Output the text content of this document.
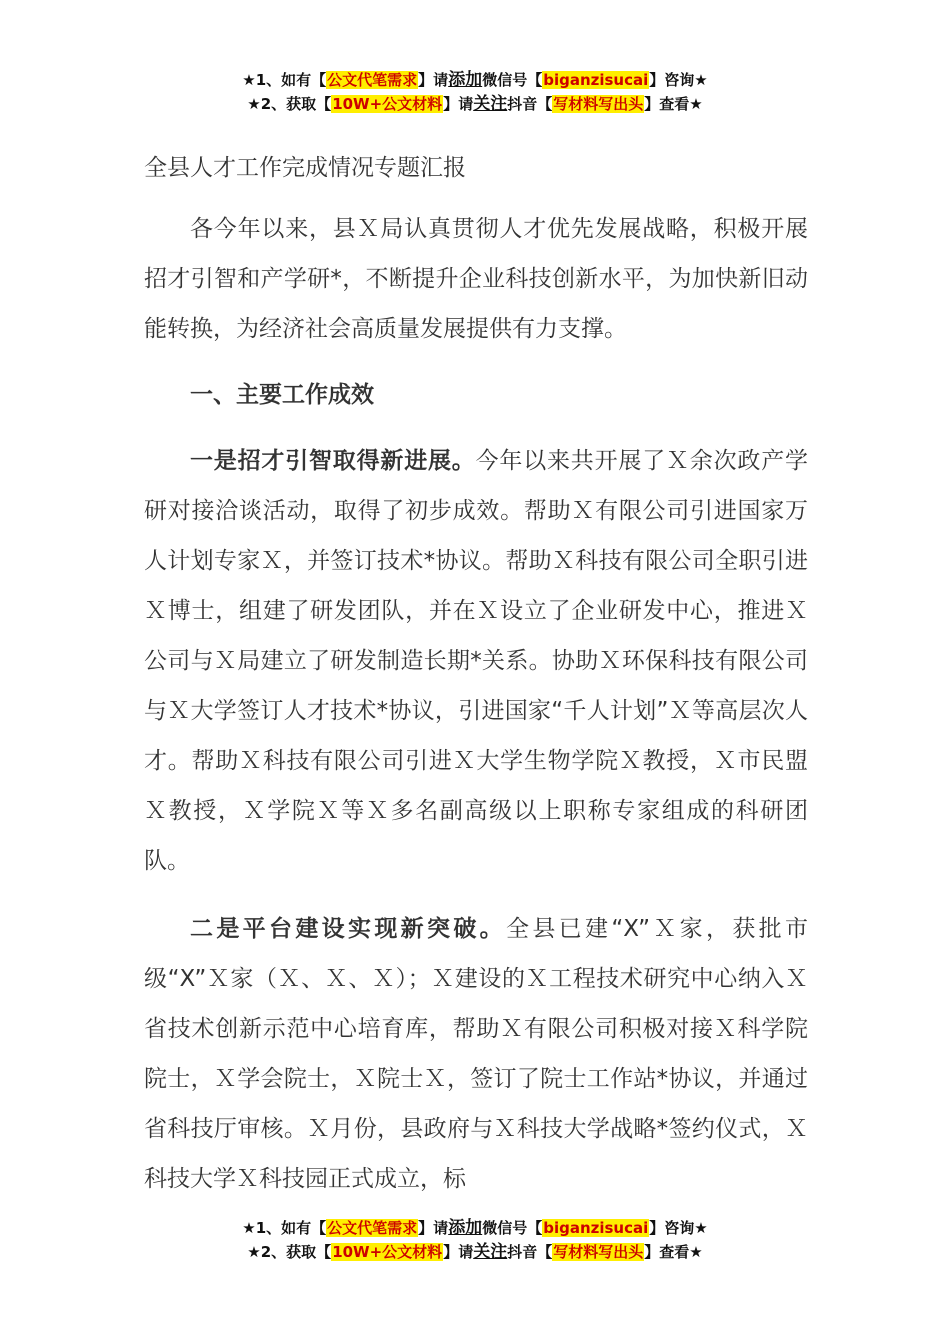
★1、如有【公文代笔需求】请添加微信号【biganzisucai】咨询★
★2、获取【10W+公文材料】请关注抖音【写材料写出头】查看★
全县人才工作完成情况专题汇报

各今年以来，县Ｘ局认真贯彻人才优先发展战略，积极开展招才引智和产学研*，不断提升企业科技创新水平，为加快新旧动能转换，为经济社会高质量发展提供有力支撑。

一、主要工作成效

一是招才引智取得新进展。今年以来共开展了Ｘ余次政产学研对接洽谈活动，取得了初步成效。帮助Ｘ有限公司引进国家万人计划专家Ｘ，并签订技术*协议。帮助Ｘ科技有限公司全职引进Ｘ博士，组建了研发团队，并在Ｘ设立了企业研发中心，推进Ｘ公司与Ｘ局建立了研发制造长期*关系。协助Ｘ环保科技有限公司与Ｘ大学签订人才技术*协议，引进国家“千人计划”Ｘ等高层次人才。帮助Ｘ科技有限公司引进Ｘ大学生物学院Ｘ教授，Ｘ市民盟Ｘ教授，Ｘ学院Ｘ等Ｘ多名副高级以上职称专家组成的科研团队。

二是平台建设实现新突破。全县已建“X”Ｘ家，获批市级“X”Ｘ家（Ｘ、Ｘ、Ｘ）；Ｘ建设的Ｘ工程技术研究中心纳入Ｘ省技术创新示范中心培育库，帮助Ｘ有限公司积极对接Ｘ科学院院士，Ｘ学会院士，Ｘ院士Ｘ，签订了院士工作站*协议，并通过省科技厅审核。Ｘ月份，县政府与Ｘ科技大学战略*签约仪式，Ｘ科技大学Ｘ科技园正式成立，标

★1、如有【公文代笔需求】请添加微信号【biganzisucai】咨询★
★2、获取【10W+公文材料】请关注抖音【写材料写出头】查看★
